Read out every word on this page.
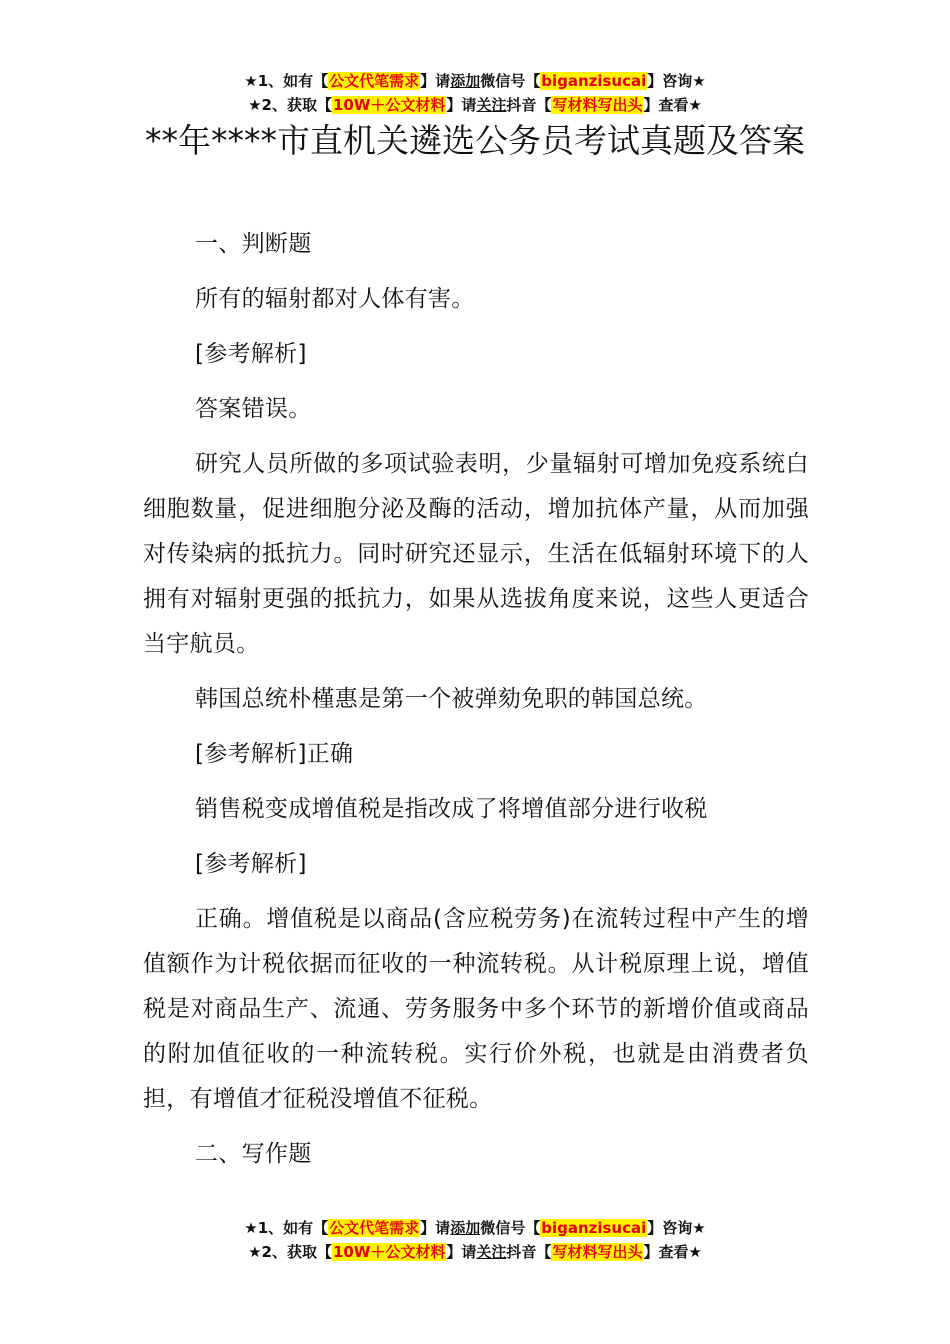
★1、如有【公文代笔需求】请添加微信号【biganzisucai】咨询★
★2、获取【10W＋公文材料】请关注抖音【写材料写出头】查看★
**年****市直机关遴选公务员考试真题及答案

一、判断题

所有的辐射都对人体有害。

[参考解析]

答案错误。

研究人员所做的多项试验表明，少量辐射可增加免疫系统白细胞数量，促进细胞分泌及酶的活动，增加抗体产量，从而加强对传染病的抵抗力。同时研究还显示，生活在低辐射环境下的人拥有对辐射更强的抵抗力，如果从选拔角度来说，这些人更适合当宇航员。

韩国总统朴槿惠是第一个被弹劾免职的韩国总统。

[参考解析]正确

销售税变成增值税是指改成了将增值部分进行收税

[参考解析]

正确。增值税是以商品(含应税劳务)在流转过程中产生的增值额作为计税依据而征收的一种流转税。从计税原理上说，增值税是对商品生产、流通、劳务服务中多个环节的新增价值或商品的附加值征收的一种流转税。实行价外税，也就是由消费者负担，有增值才征税没增值不征税。

二、写作题

★1、如有【公文代笔需求】请添加微信号【biganzisucai】咨询★
★2、获取【10W＋公文材料】请关注抖音【写材料写出头】查看★
